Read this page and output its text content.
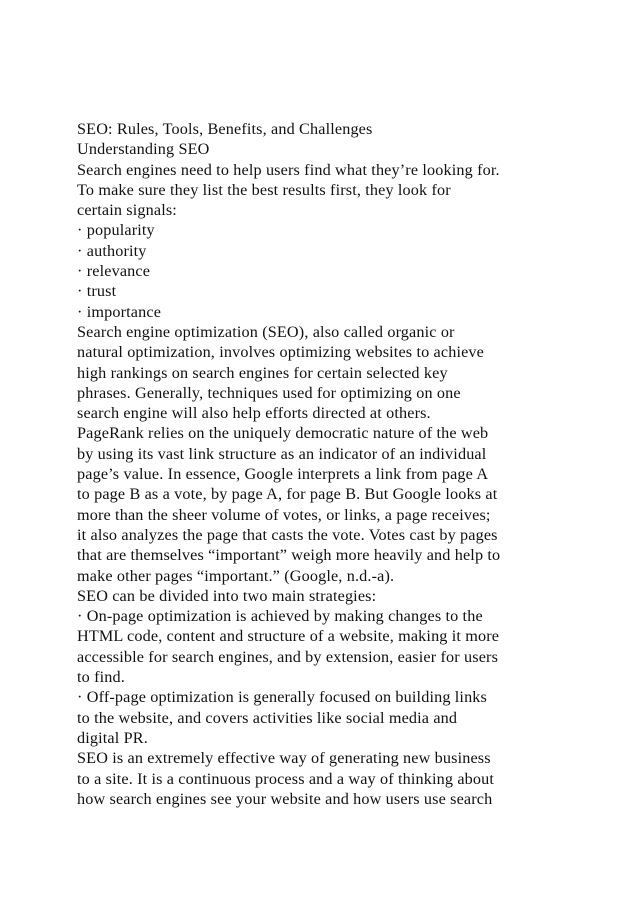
SEO: Rules, Tools, Benefits, and Challenges
Understanding SEO
Search engines need to help users find what they’re looking for.
To make sure they list the best results first, they look for
certain signals:
· popularity
· authority
· relevance
· trust
· importance
Search engine optimization (SEO), also called organic or
natural optimization, involves optimizing websites to achieve
high rankings on search engines for certain selected key
phrases. Generally, techniques used for optimizing on one
search engine will also help efforts directed at others.
PageRank relies on the uniquely democratic nature of the web
by using its vast link structure as an indicator of an individual
page’s value. In essence, Google interprets a link from page A
to page B as a vote, by page A, for page B. But Google looks at
more than the sheer volume of votes, or links, a page receives;
it also analyzes the page that casts the vote. Votes cast by pages
that are themselves “important” weigh more heavily and help to
make other pages “important.” (Google, n.d.-a).
SEO can be divided into two main strategies:
· On-page optimization is achieved by making changes to the
HTML code, content and structure of a website, making it more
accessible for search engines, and by extension, easier for users
to find.
· Off-page optimization is generally focused on building links
to the website, and covers activities like social media and
digital PR.
SEO is an extremely effective way of generating new business
to a site. It is a continuous process and a way of thinking about
how search engines see your website and how users use search
